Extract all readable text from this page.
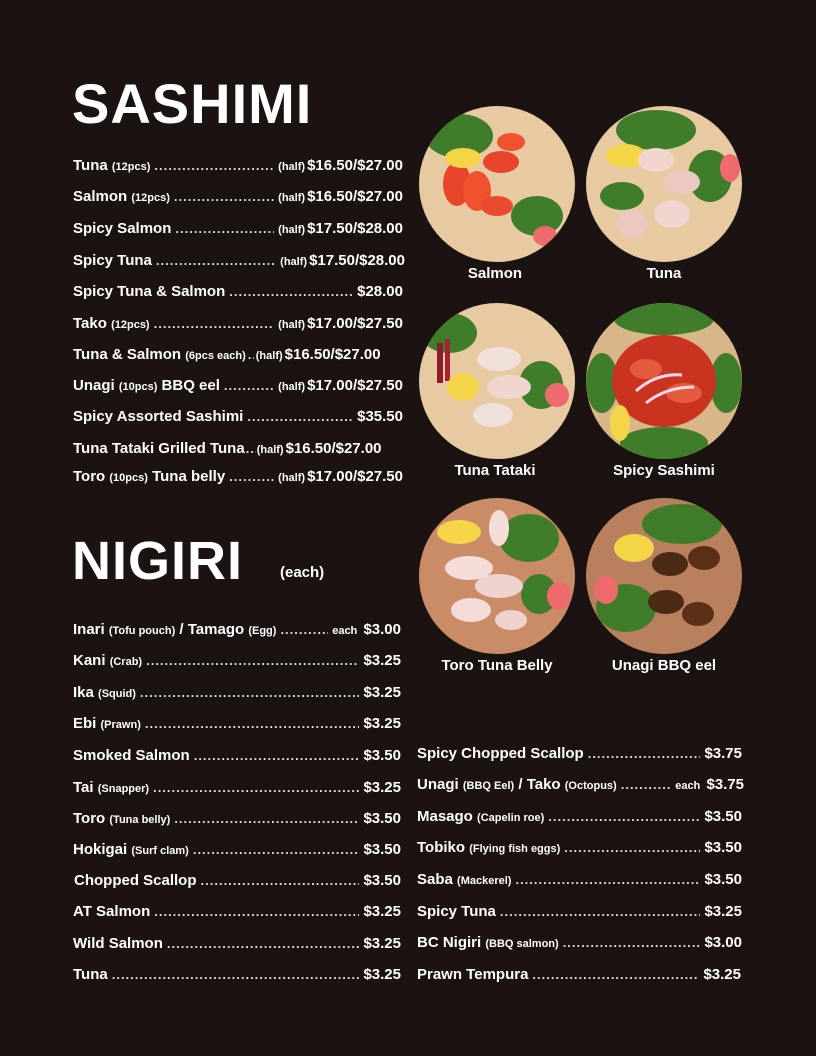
SASHIMI
Tuna (12pcs) .....	(half) $16.50/$27.00
Salmon (12pcs) .....	(half) $16.50/$27.00
Spicy Salmon .....	(half) $17.50/$28.00
Spicy Tuna .....	(half) $17.50/$28.00
Spicy Tuna & Salmon .....	$28.00
Tako (12pcs) .....	(half) $17.00/$27.50
Tuna & Salmon (6pcs each) ..... (half) $16.50/$27.00
Unagi (10pcs) BBQ eel .....	(half) $17.00/$27.50
Spicy Assorted Sashimi .....	$35.50
Tuna Tataki Grilled Tuna ..... (half) $16.50/$27.00
Toro (10pcs) Tuna belly .....	(half) $17.00/$27.50
NIGIRI (each)
Inari (Tofu pouch) / Tamago (Egg) .....	each $3.00
Kani (Crab) .....	$3.25
Ika (Squid) .....	$3.25
Ebi (Prawn) .....	$3.25
Smoked Salmon .....	$3.50
Tai (Snapper) .....	$3.25
Toro (Tuna belly) .....	$3.50
Hokigai (Surf clam) .....	$3.50
Chopped Scallop .....	$3.50
AT Salmon .....	$3.25
Wild Salmon .....	$3.25
Tuna .....	$3.25
Spicy Chopped Scallop .....	$3.75
Unagi (BBQ Eel) / Tako (Octopus) .....	each $3.75
Masago (Capelin roe) .....	$3.50
Tobiko (Flying fish eggs) .....	$3.50
Saba (Mackerel) .....	$3.50
Spicy Tuna .....	$3.25
BC Nigiri (BBQ salmon) .....	$3.00
Prawn Tempura .....	$3.25
Salmon	Tuna
Tuna Tataki	Spicy Sashimi
Toro Tuna Belly	Unagi BBQ eel
